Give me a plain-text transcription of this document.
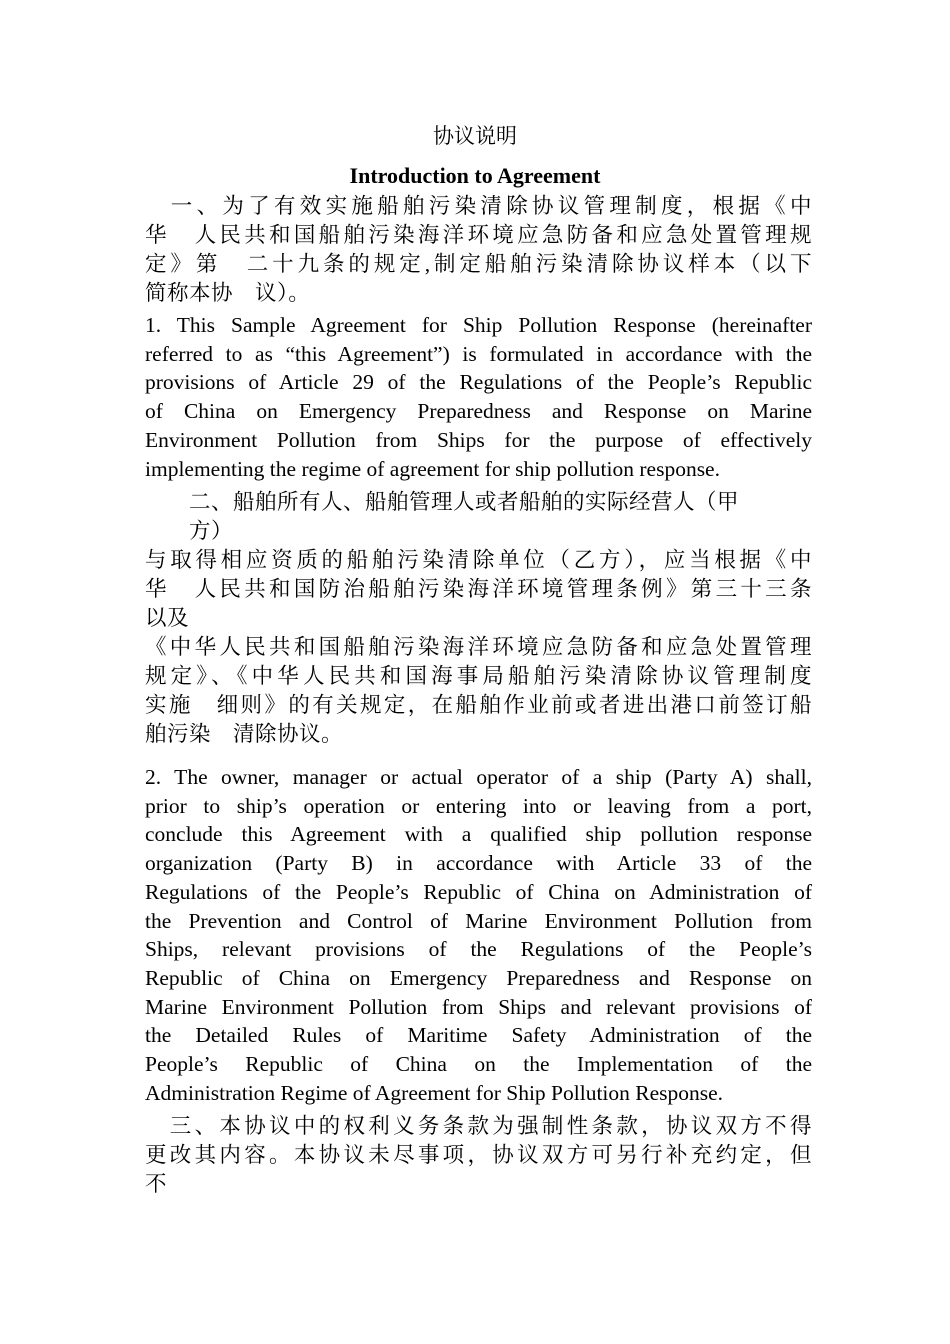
协议说明
Introduction to Agreement
　一、为了有效实施船舶污染清除协议管理制度，根据《中
华　人民共和国船舶污染海洋环境应急防备和应急处置管理规
定》第　二十九条的规定,制定船舶污染清除协议样本（以下
简称本协　议）。
1. This Sample Agreement for Ship Pollution Response (hereinafter
referred to as “this Agreement”) is formulated in accordance with the
provisions of Article 29 of the Regulations of the People’s Republic
of China on Emergency Preparedness and Response on Marine
Environment Pollution from Ships for the purpose of effectively
implementing the regime of agreement for ship pollution response.
二、船舶所有人、船舶管理人或者船舶的实际经营人（甲
方）
与取得相应资质的船舶污染清除单位（乙方），应当根据《中
华　人民共和国防治船舶污染海洋环境管理条例》第三十三条
以及
《中华人民共和国船舶污染海洋环境应急防备和应急处置管理
规定》、《中华人民共和国海事局船舶污染清除协议管理制度
实施　细则》的有关规定，在船舶作业前或者进出港口前签订船
舶污染　清除协议。
2. The owner, manager or actual operator of a ship (Party A) shall,
prior to ship’s operation or entering into or leaving from a port,
conclude this Agreement with a qualified ship pollution response
organization (Party B) in accordance with Article 33 of the
Regulations of the People’s Republic of China on Administration of
the Prevention and Control of Marine Environment Pollution from
Ships, relevant provisions of the Regulations of the People’s
Republic of China on Emergency Preparedness and Response on
Marine Environment Pollution from Ships and relevant provisions of
the Detailed Rules of Maritime Safety Administration of the
People’s Republic of China on the Implementation of the
Administration Regime of Agreement for Ship Pollution Response.
　三、本协议中的权利义务条款为强制性条款，协议双方不得
更改其内容。本协议未尽事项，协议双方可另行补充约定，但
不
